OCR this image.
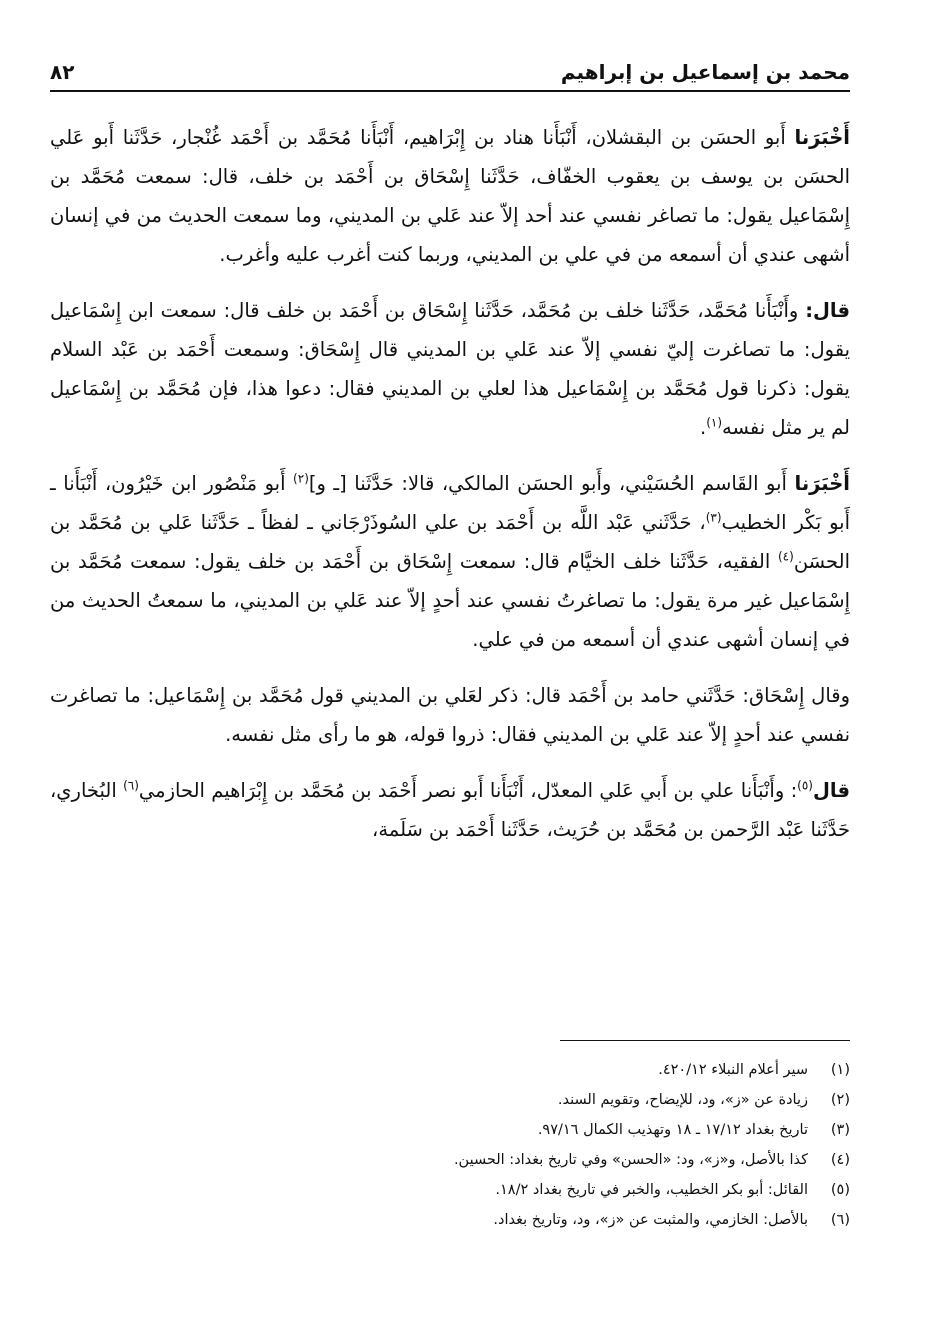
محمد بن إسماعيل بن إبراهيم
٨٢

أَخْبَرَنا أَبو الحسَن بن البقشلان، أَنْبَأَنا هناد بن إِبْرَاهيم، أَنْبَأَنا مُحَمَّد بن أَحْمَد غُنْجار، حَدَّثَنا أَبو عَلي الحسَن بن يوسف بن يعقوب الخفّاف، حَدَّثَنا إِسْحَاق بن أَحْمَد بن خلف، قال: سمعت مُحَمَّد بن إِسْمَاعيل يقول: ما تصاغر نفسي عند أحد إلاّ عند عَلي بن المديني، وما سمعت الحديث من في إنسان أشهى عندي أن أسمعه من في علي بن المديني، وربما كنت أغرب عليه وأغرب.

قال: وأَنْبَأَنا مُحَمَّد، حَدَّثَنا خلف بن مُحَمَّد، حَدَّثَنا إِسْحَاق بن أَحْمَد بن خلف قال: سمعت ابن إِسْمَاعيل يقول: ما تصاغرت إليّ نفسي إلاّ عند عَلي بن المديني قال إِسْحَاق: وسمعت أَحْمَد بن عَبْد السلام يقول: ذكرنا قول مُحَمَّد بن إِسْمَاعيل هذا لعلي بن المديني فقال: دعوا هذا، فإن مُحَمَّد بن إِسْمَاعيل لم ير مثل نفسه$^{(١)}$.

أَخْبَرَنا أَبو القَاسم الحُسَيْني، وأَبو الحسَن المالكي، قالا: حَدَّثَنا [ـ و]$^{(٢)}$ أَبو مَنْصُور ابن خَيْرُون، أَنْبَأَنا ـ أَبو بَكْر الخطيب$^{(٣)}$، حَدَّثَني عَبْد اللَّه بن أَحْمَد بن علي السُوذَرْجَاني ـ لفظاً ـ حَدَّثَنا عَلي بن مُحَمَّد بن الحسَن$^{(٤)}$ الفقيه، حَدَّثَنا خلف الخيَّام قال: سمعت إِسْحَاق بن أَحْمَد بن خلف يقول: سمعت مُحَمَّد بن إِسْمَاعيل غير مرة يقول: ما تصاغرتُ نفسي عند أحدٍ إلاّ عند عَلي بن المديني، ما سمعتُ الحديث من في إنسان أشهى عندي أن أسمعه من في علي.

وقال إِسْحَاق: حَدَّثَني حامد بن أَحْمَد قال: ذكر لعَلي بن المديني قول مُحَمَّد بن إِسْمَاعيل: ما تصاغرت نفسي عند أحدٍ إلاّ عند عَلي بن المديني فقال: ذروا قوله، هو ما رأى مثل نفسه.

قال$^{(٥)}$: وأَنْبَأَنا علي بن أَبي عَلي المعدّل، أَنْبَأَنا أَبو نصر أَحْمَد بن مُحَمَّد بن إِبْرَاهيم الحازمي$^{(٦)}$ البُخاري، حَدَّثَنا عَبْد الرَّحمن بن مُحَمَّد بن حُرَيث، حَدَّثَنا أَحْمَد بن سَلَمة،

(١)
سير أعلام النبلاء ٤٢٠/١٢.
(٢)
زيادة عن «ز»، ود، للإيضاح، وتقويم السند.
(٣)
تاريخ بغداد ١٧/١٢ ـ ١٨ وتهذيب الكمال ٩٧/١٦.
(٤)
كذا بالأصل، و«ز»، ود: «الحسن» وفي تاريخ بغداد: الحسين.
(٥)
القائل: أبو بكر الخطيب، والخبر في تاريخ بغداد ١٨/٢.
(٦)
بالأصل: الخازمي، والمثبت عن «ز»، ود، وتاريخ بغداد.
